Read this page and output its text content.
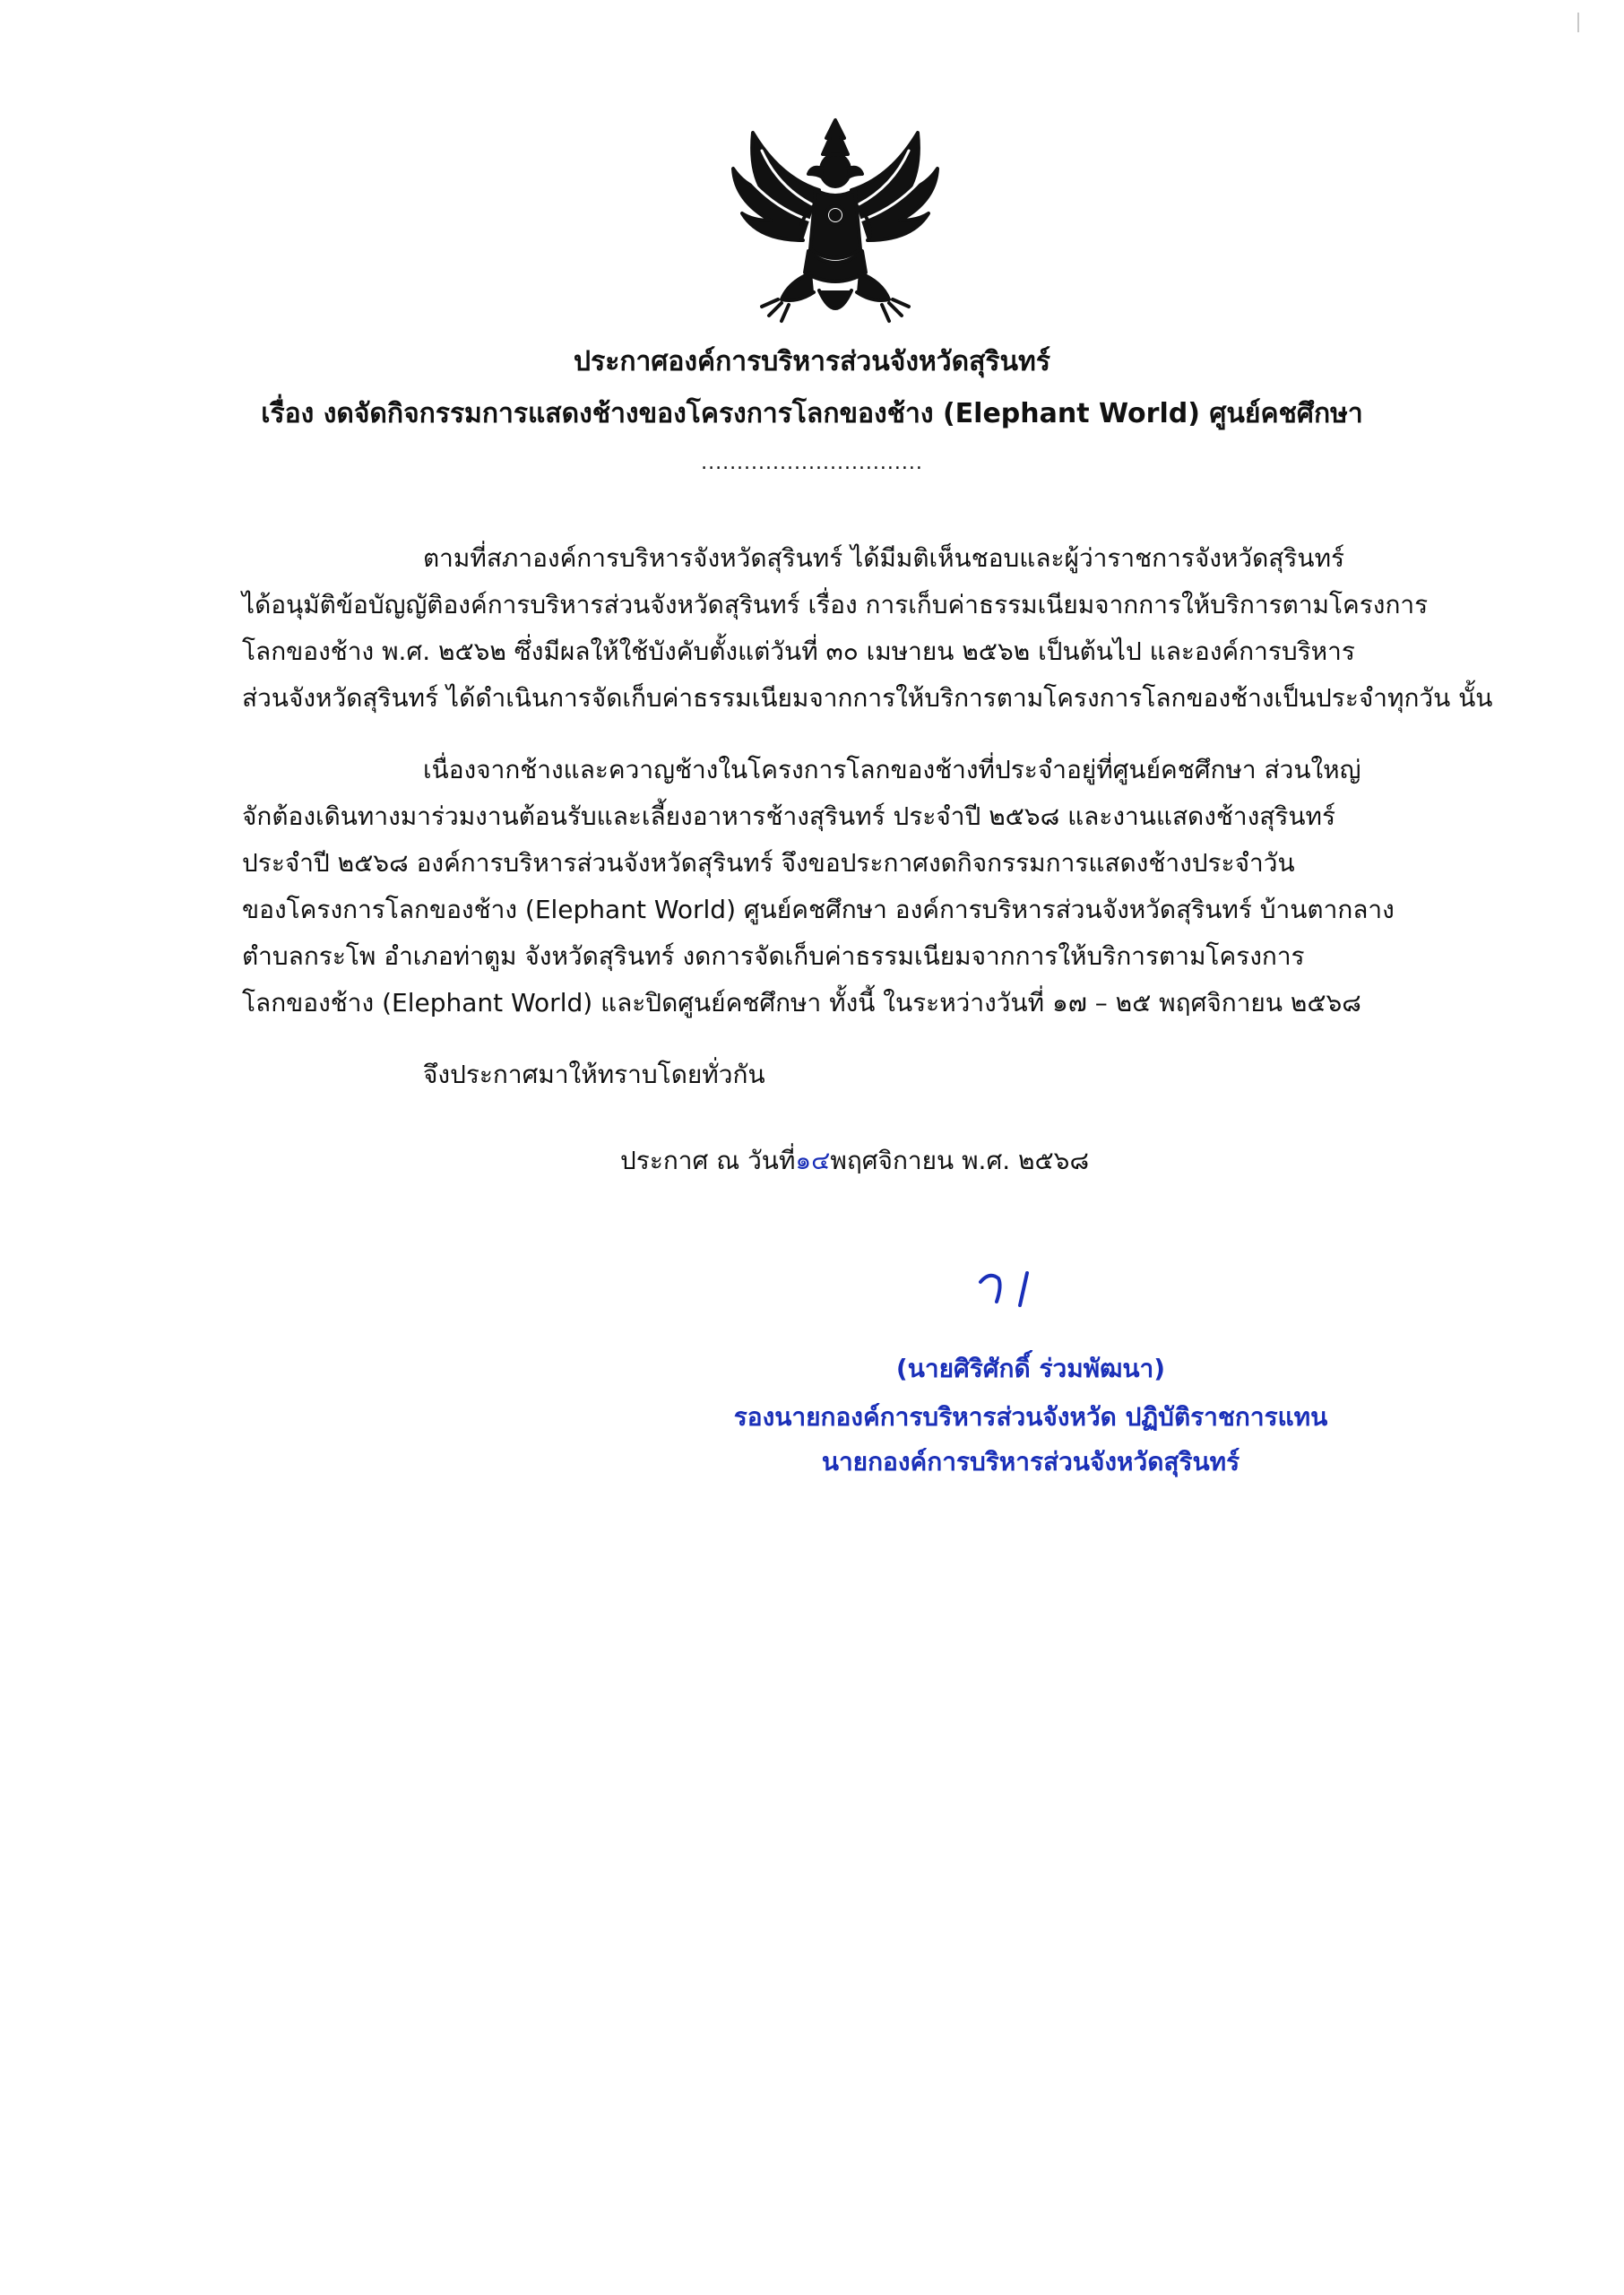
ประกาศองค์การบริหารส่วนจังหวัดสุรินทร์
เรื่อง งดจัดกิจกรรมการแสดงช้างของโครงการโลกของช้าง (Elephant World) ศูนย์คชศึกษา
...............................
ตามที่สภาองค์การบริหารจังหวัดสุรินทร์ ได้มีมติเห็นชอบและผู้ว่าราชการจังหวัดสุรินทร์
ได้อนุมัติข้อบัญญัติองค์การบริหารส่วนจังหวัดสุรินทร์ เรื่อง การเก็บค่าธรรมเนียมจากการให้บริการตามโครงการ
โลกของช้าง พ.ศ. ๒๕๖๒ ซึ่งมีผลให้ใช้บังคับตั้งแต่วันที่ ๓๐ เมษายน ๒๕๖๒ เป็นต้นไป และองค์การบริหาร
ส่วนจังหวัดสุรินทร์ ได้ดำเนินการจัดเก็บค่าธรรมเนียมจากการให้บริการตามโครงการโลกของช้างเป็นประจำทุกวัน นั้น
เนื่องจากช้างและควาญช้างในโครงการโลกของช้างที่ประจำอยู่ที่ศูนย์คชศึกษา ส่วนใหญ่
จักต้องเดินทางมาร่วมงานต้อนรับและเลี้ยงอาหารช้างสุรินทร์ ประจำปี ๒๕๖๘ และงานแสดงช้างสุรินทร์
ประจำปี ๒๕๖๘ องค์การบริหารส่วนจังหวัดสุรินทร์ จึงขอประกาศงดกิจกรรมการแสดงช้างประจำวัน
ของโครงการโลกของช้าง (Elephant World) ศูนย์คชศึกษา องค์การบริหารส่วนจังหวัดสุรินทร์ บ้านตากลาง
ตำบลกระโพ อำเภอท่าตูม จังหวัดสุรินทร์ งดการจัดเก็บค่าธรรมเนียมจากการให้บริการตามโครงการ
โลกของช้าง (Elephant World) และปิดศูนย์คชศึกษา ทั้งนี้ ในระหว่างวันที่ ๑๗ – ๒๕ พฤศจิกายน ๒๕๖๘
จึงประกาศมาให้ทราบโดยทั่วกัน
ประกาศ ณ วันที่๑๔พฤศจิกายน พ.ศ. ๒๕๖๘
(นายศิริศักดิ์ ร่วมพัฒนา)
รองนายกองค์การบริหารส่วนจังหวัด ปฏิบัติราชการแทน
นายกองค์การบริหารส่วนจังหวัดสุรินทร์
